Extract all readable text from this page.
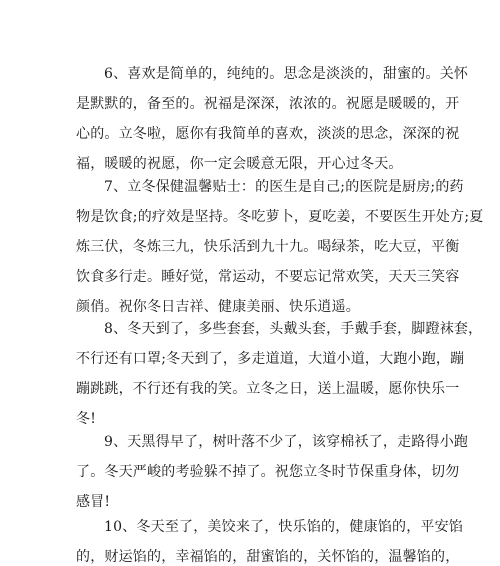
6、喜欢是简单的，纯纯的。思念是淡淡的，甜蜜的。关怀
是默默的，备至的。祝福是深深，浓浓的。祝愿是暖暖的，开
心的。立冬啦，愿你有我简单的喜欢，淡淡的思念，深深的祝
福，暖暖的祝愿，你一定会暖意无限，开心过冬天。
7、立冬保健温馨贴士：的医生是自己;的医院是厨房;的药
物是饮食;的疗效是坚持。冬吃萝卜，夏吃姜，不要医生开处方;夏
炼三伏，冬炼三九，快乐活到九十九。喝绿茶，吃大豆，平衡
饮食多行走。睡好觉，常运动，不要忘记常欢笑，天天三笑容
颜俏。祝你冬日吉祥、健康美丽、快乐逍遥。
8、冬天到了，多些套套，头戴头套，手戴手套，脚蹬袜套，
不行还有口罩;冬天到了，多走道道，大道小道，大跑小跑，蹦
蹦跳跳，不行还有我的笑。立冬之日，送上温暖，愿你快乐一
冬!
9、天黑得早了，树叶落不少了，该穿棉袄了，走路得小跑
了。冬天严峻的考验躲不掉了。祝您立冬时节保重身体，切勿
感冒!
10、冬天至了，美饺来了，快乐馅的，健康馅的，平安馅
的，财运馅的，幸福馅的，甜蜜馅的，关怀馅的，温馨馅的，
